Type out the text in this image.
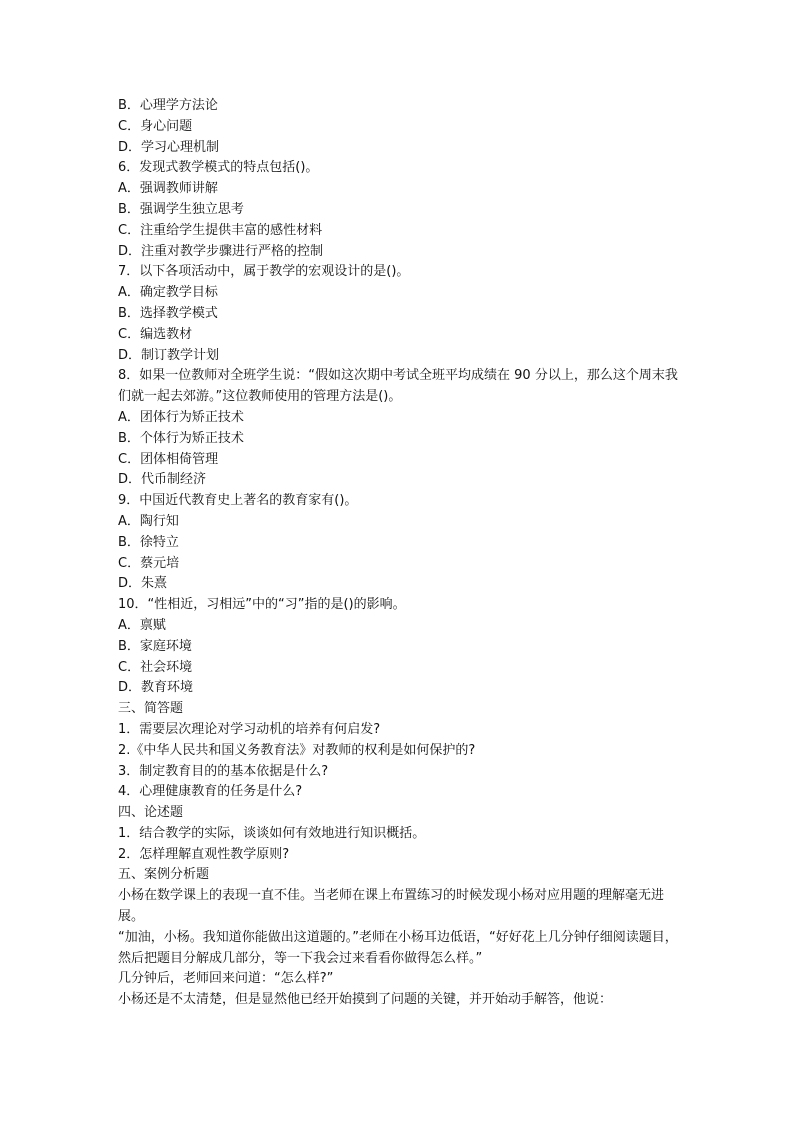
B．心理学方法论

C．身心问题

D．学习心理机制

6．发现式教学模式的特点包括()。

A．强调教师讲解

B．强调学生独立思考

C．注重给学生提供丰富的感性材料

D．注重对教学步骤进行严格的控制

7．以下各项活动中，属于教学的宏观设计的是()。

A．确定教学目标

B．选择教学模式

C．编选教材

D．制订教学计划

8．如果一位教师对全班学生说：“假如这次期中考试全班平均成绩在 90 分以上，那么这个周末我们就一起去郊游。”这位教师使用的管理方法是()。

A．团体行为矫正技术

B．个体行为矫正技术

C．团体相倚管理

D．代币制经济

9．中国近代教育史上著名的教育家有()。

A．陶行知

B．徐特立

C．蔡元培

D．朱熹

10．“性相近，习相远”中的“习”指的是()的影响。

A．禀赋

B．家庭环境

C．社会环境

D．教育环境

三、简答题

1．需要层次理论对学习动机的培养有何启发?

2.《中华人民共和国义务教育法》对教师的权利是如何保护的?

3．制定教育目的的基本依据是什么?

4．心理健康教育的任务是什么?

四、论述题

1．结合教学的实际，谈谈如何有效地进行知识概括。

2．怎样理解直观性教学原则?

五、案例分析题

小杨在数学课上的表现一直不佳。当老师在课上布置练习的时候发现小杨对应用题的理解毫无进展。

“加油，小杨。我知道你能做出这道题的。”老师在小杨耳边低语，“好好花上几分钟仔细阅读题目，然后把题目分解成几部分，等一下我会过来看看你做得怎么样。”

几分钟后，老师回来问道：“怎么样?”

小杨还是不太清楚，但是显然他已经开始摸到了问题的关键，并开始动手解答，他说：
